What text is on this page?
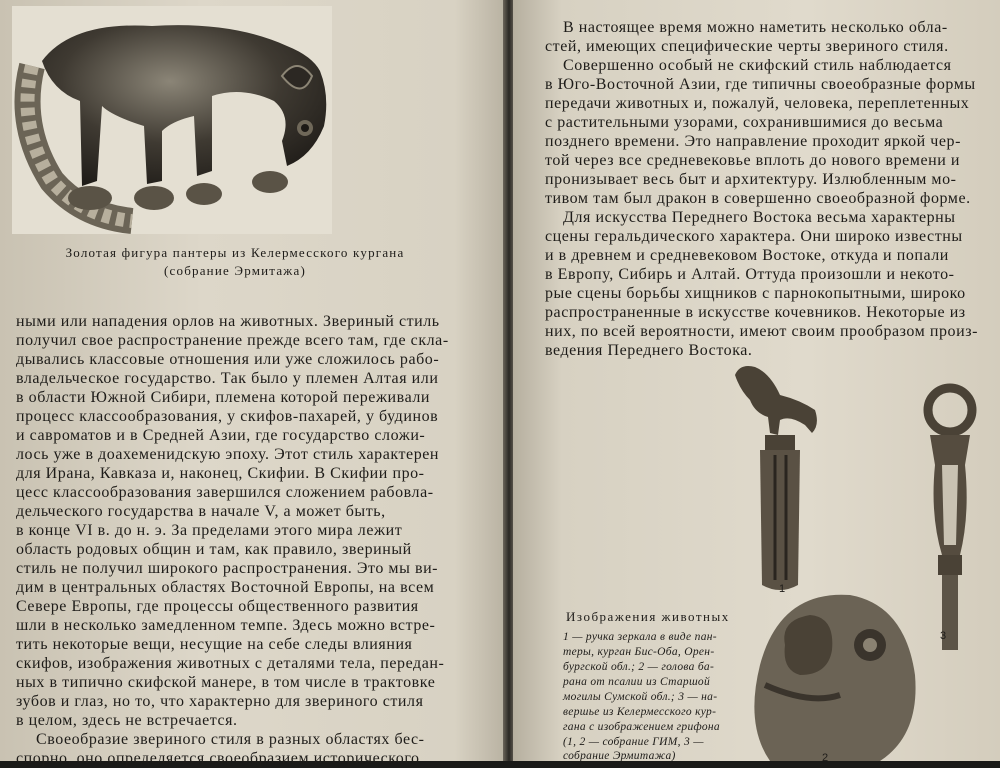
Золотая фигура пантеры из Келермесского кургана
(собрание Эрмитажа)
ными или нападения орлов на животных. Звериный стиль
получил свое распространение прежде всего там, где скла-
дывались классовые отношения или уже сложилось рабо-
владельческое государство. Так было у племен Алтая или
в области Южной Сибири, племена которой переживали
процесс классообразования, у скифов-пахарей, у будинов
и савроматов и в Средней Азии, где государство сложи-
лось уже в доахеменидскую эпоху. Этот стиль характерен
для Ирана, Кавказа и, наконец, Скифии. В Скифии про-
цесс классообразования завершился сложением рабовла-
дельческого государства в начале V, а может быть,
в конце VI в. до н. э. За пределами этого мира лежит
область родовых общин и там, как правило, звериный
стиль не получил широкого распространения. Это мы ви-
дим в центральных областях Восточной Европы, на всем
Севере Европы, где процессы общественного развития
шли в несколько замедленном темпе. Здесь можно встре-
тить некоторые вещи, несущие на себе следы влияния
скифов, изображения животных с деталями тела, передан-
ных в типично скифской манере, в том числе в трактовке
зубов и глаз, но то, что характерно для звериного стиля
в целом, здесь не встречается.
Своеобразие звериного стиля в разных областях бес-
спорно, оно определяется своеобразием исторического
В настоящее время можно наметить несколько обла-
стей, имеющих специфические черты звериного стиля.
Совершенно особый не скифский стиль наблюдается
в Юго-Восточной Азии, где типичны своеобразные формы
передачи животных и, пожалуй, человека, переплетенных
с растительными узорами, сохранившимися до весьма
позднего времени. Это направление проходит яркой чер-
той через все средневековье вплоть до нового времени и
пронизывает весь быт и архитектуру. Излюбленным мо-
тивом там был дракон в совершенно своеобразной форме.
Для искусства Переднего Востока весьма характерны
сцены геральдического характера. Они широко известны
и в древнем и средневековом Востоке, откуда и попали
в Европу, Сибирь и Алтай. Оттуда произошли и некото-
рые сцены борьбы хищников с парнокопытными, широко
распространенные в искусстве кочевников. Некоторые из
них, по всей вероятности, имеют своим прообразом произ-
ведения Переднего Востока.
1
2
3
Изображения животных
1 — ручка зеркала в виде пан-
теры, курган Бис-Оба, Орен-
бургской обл.; 2 — голова ба-
рана от псалии из Старшой
могилы Сумской обл.; 3 — на-
вершье из Келермесского кур-
гана с изображением грифона
(1, 2 — собрание ГИМ, 3 —
собрание Эрмитажа)
